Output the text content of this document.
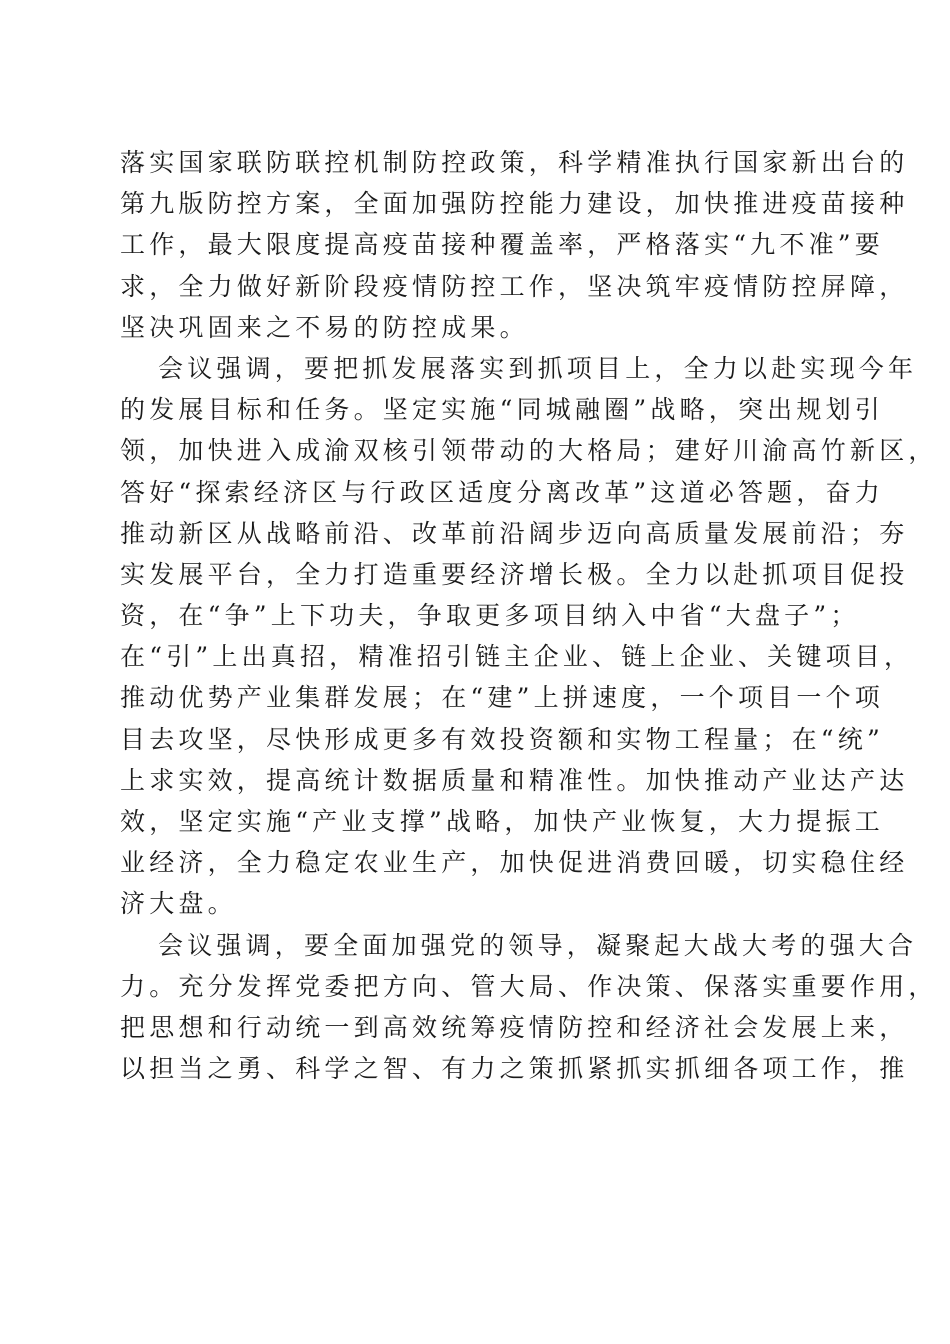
落实国家联防联控机制防控政策，科学精准执行国家新出台的
第九版防控方案，全面加强防控能力建设，加快推进疫苗接种
工作，最大限度提高疫苗接种覆盖率，严格落实“九不准”要
求，全力做好新阶段疫情防控工作，坚决筑牢疫情防控屏障，
坚决巩固来之不易的防控成果。
会议强调，要把抓发展落实到抓项目上，全力以赴实现今年
的发展目标和任务。坚定实施“同城融圈”战略，突出规划引
领，加快进入成渝双核引领带动的大格局；建好川渝高竹新区，
答好“探索经济区与行政区适度分离改革”这道必答题，奋力
推动新区从战略前沿、改革前沿阔步迈向高质量发展前沿；夯
实发展平台，全力打造重要经济增长极。全力以赴抓项目促投
资，在“争”上下功夫，争取更多项目纳入中省“大盘子”；
在“引”上出真招，精准招引链主企业、链上企业、关键项目，
推动优势产业集群发展；在“建”上拼速度，一个项目一个项
目去攻坚，尽快形成更多有效投资额和实物工程量；在“统”
上求实效，提高统计数据质量和精准性。加快推动产业达产达
效，坚定实施“产业支撑”战略，加快产业恢复，大力提振工
业经济，全力稳定农业生产，加快促进消费回暖，切实稳住经
济大盘。
会议强调，要全面加强党的领导，凝聚起大战大考的强大合
力。充分发挥党委把方向、管大局、作决策、保落实重要作用，
把思想和行动统一到高效统筹疫情防控和经济社会发展上来，
以担当之勇、科学之智、有力之策抓紧抓实抓细各项工作，推
